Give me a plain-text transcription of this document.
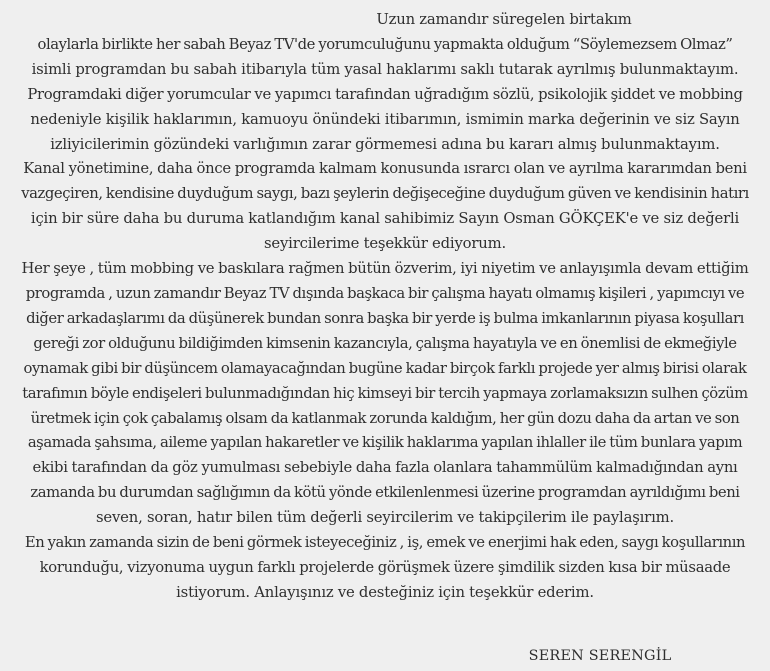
Uzun zamandır süregelen birtakım
olaylarla birlikte her sabah Beyaz TV'de yorumculuğunu yapmakta olduğum “Söylemezsem Olmaz”
isimli programdan bu sabah itibarıyla tüm yasal haklarımı saklı tutarak ayrılmış bulunmaktayım.
Programdaki diğer yorumcular ve yapımcı tarafından uğradığım sözlü, psikolojik şiddet ve mobbing
nedeniyle kişilik haklarımın, kamuoyu önündeki itibarımın, ismimin marka değerinin ve siz Sayın
izliyicilerimin gözündeki varlığımın zarar görmemesi adına bu kararı almış bulunmaktayım.
Kanal yönetimine, daha önce programda kalmam konusunda ısrarcı olan ve ayrılma kararımdan beni
vazgeçiren, kendisine duyduğum saygı, bazı şeylerin değişeceğine duyduğum güven ve kendisinin hatırı
için bir süre daha bu duruma katlandığım kanal sahibimiz Sayın Osman GÖKÇEK'e ve siz değerli
seyircilerime teşekkür ediyorum.
Her şeye , tüm mobbing ve baskılara rağmen bütün özverim, iyi niyetim ve anlayışımla devam ettiğim
programda , uzun zamandır Beyaz TV dışında başkaca bir çalışma hayatı olmamış kişileri , yapımcıyı ve
diğer arkadaşlarımı da düşünerek bundan sonra başka bir yerde iş bulma imkanlarının piyasa koşulları
gereği zor olduğunu bildiğimden kimsenin kazancıyla, çalışma hayatıyla ve en önemlisi de ekmeğiyle
oynamak gibi bir düşüncem olamayacağından bugüne kadar birçok farklı projede yer almış birisi olarak
tarafımın böyle endişeleri bulunmadığından hiç kimseyi bir tercih yapmaya zorlamaksızın sulhen çözüm
üretmek için çok çabalamış olsam da katlanmak zorunda kaldığım, her gün dozu daha da artan ve son
aşamada şahsıma, aileme yapılan hakaretler ve kişilik haklarıma yapılan ihlaller ile tüm bunlara yapım
ekibi tarafından da göz yumulması sebebiyle daha fazla olanlara tahammülüm kalmadığından aynı
zamanda bu durumdan sağlığımın da kötü yönde etkilenlenmesi üzerine programdan ayrıldığımı beni
seven, soran, hatır bilen tüm değerli seyircilerim ve takipçilerim ile paylaşırım.
En yakın zamanda sizin de beni görmek isteyeceğiniz , iş, emek ve enerjimi hak eden, saygı koşullarının
korunduğu, vizyonuma uygun farklı projelerde görüşmek üzere şimdilik sizden kısa bir müsaade
istiyorum. Anlayışınız ve desteğiniz için teşekkür ederim.
SEREN SERENGİL
